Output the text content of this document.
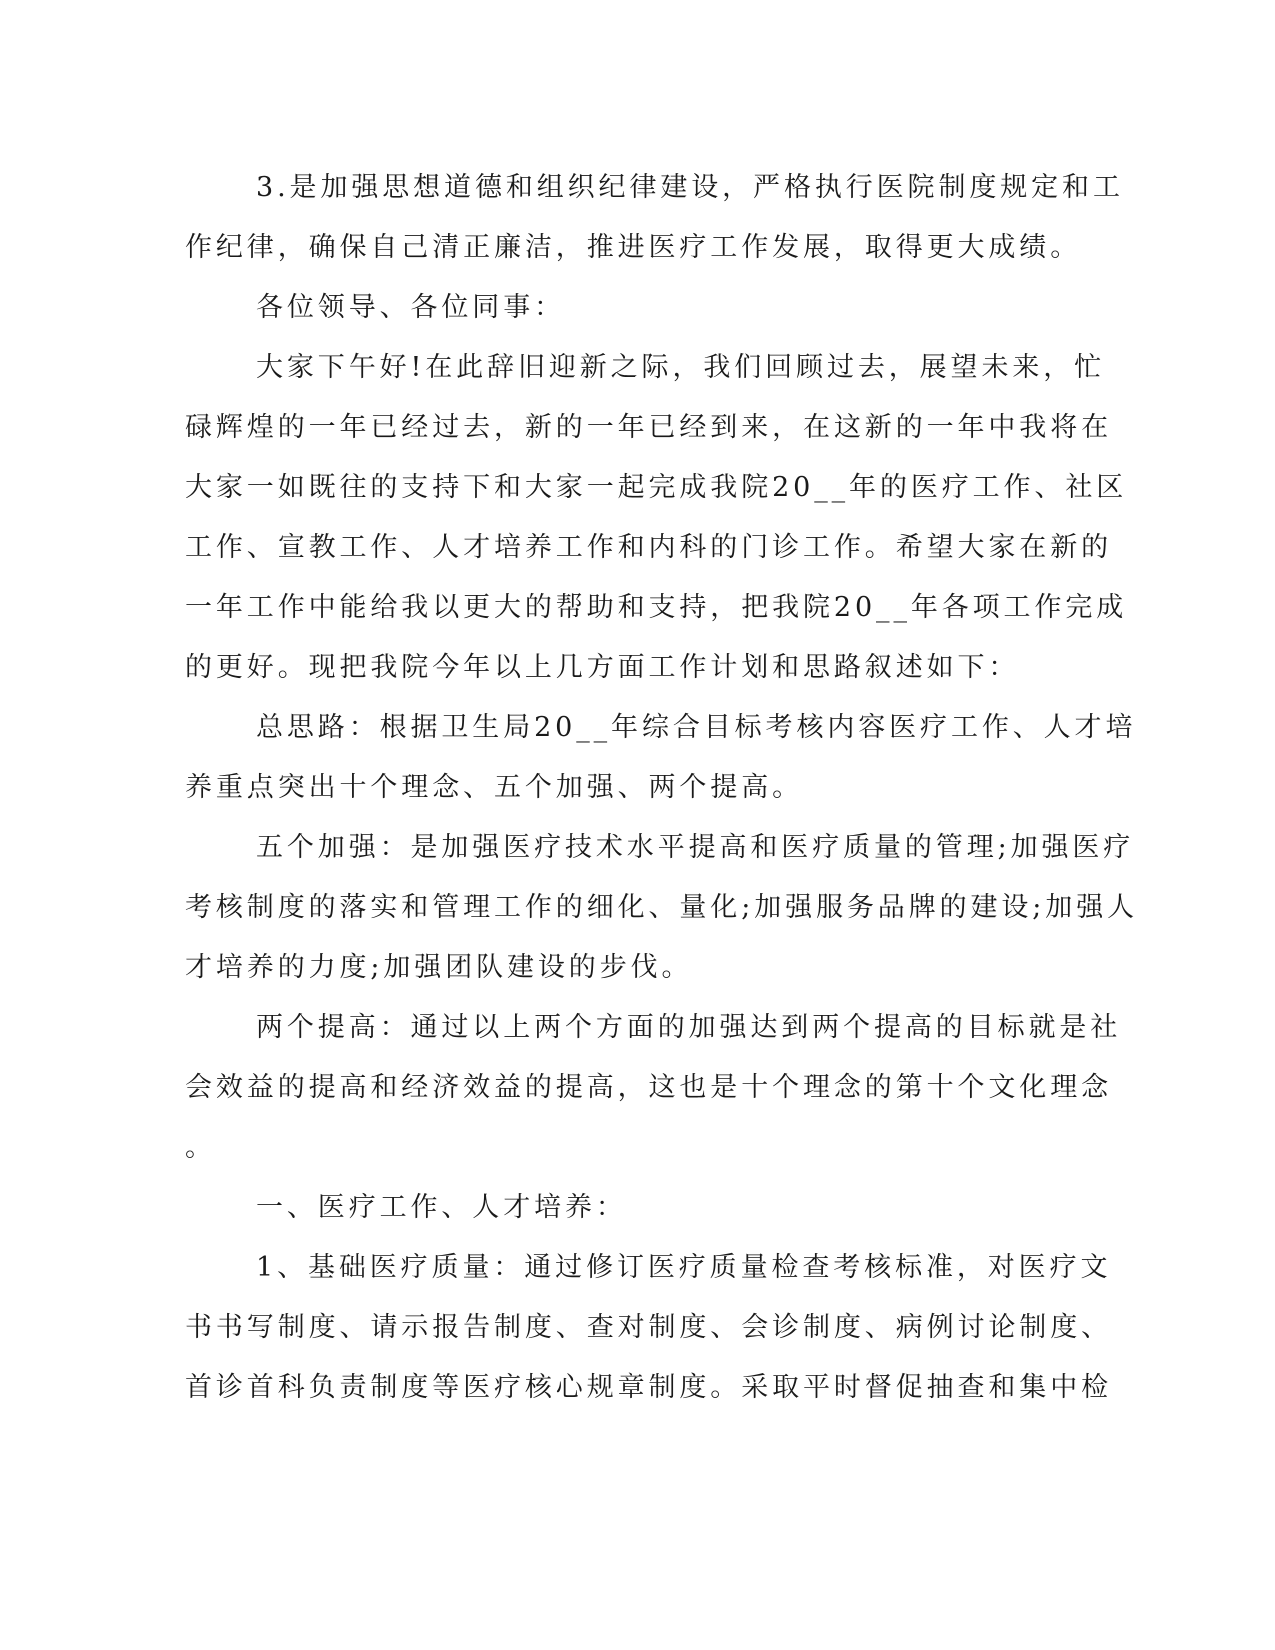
3.是加强思想道德和组织纪律建设，严格执行医院制度规定和工
作纪律，确保自己清正廉洁，推进医疗工作发展，取得更大成绩。
各位领导、各位同事：
大家下午好!在此辞旧迎新之际，我们回顾过去，展望未来，忙
碌辉煌的一年已经过去，新的一年已经到来，在这新的一年中我将在
大家一如既往的支持下和大家一起完成我院20__年的医疗工作、社区
工作、宣教工作、人才培养工作和内科的门诊工作。希望大家在新的
一年工作中能给我以更大的帮助和支持，把我院20__年各项工作完成
的更好。现把我院今年以上几方面工作计划和思路叙述如下：
总思路：根据卫生局20__年综合目标考核内容医疗工作、人才培
养重点突出十个理念、五个加强、两个提高。
五个加强：是加强医疗技术水平提高和医疗质量的管理;加强医疗
考核制度的落实和管理工作的细化、量化;加强服务品牌的建设;加强人
才培养的力度;加强团队建设的步伐。
两个提高：通过以上两个方面的加强达到两个提高的目标就是社
会效益的提高和经济效益的提高，这也是十个理念的第十个文化理念
。
一、医疗工作、人才培养：
1、基础医疗质量：通过修订医疗质量检查考核标准，对医疗文
书书写制度、请示报告制度、查对制度、会诊制度、病例讨论制度、
首诊首科负责制度等医疗核心规章制度。采取平时督促抽查和集中检
